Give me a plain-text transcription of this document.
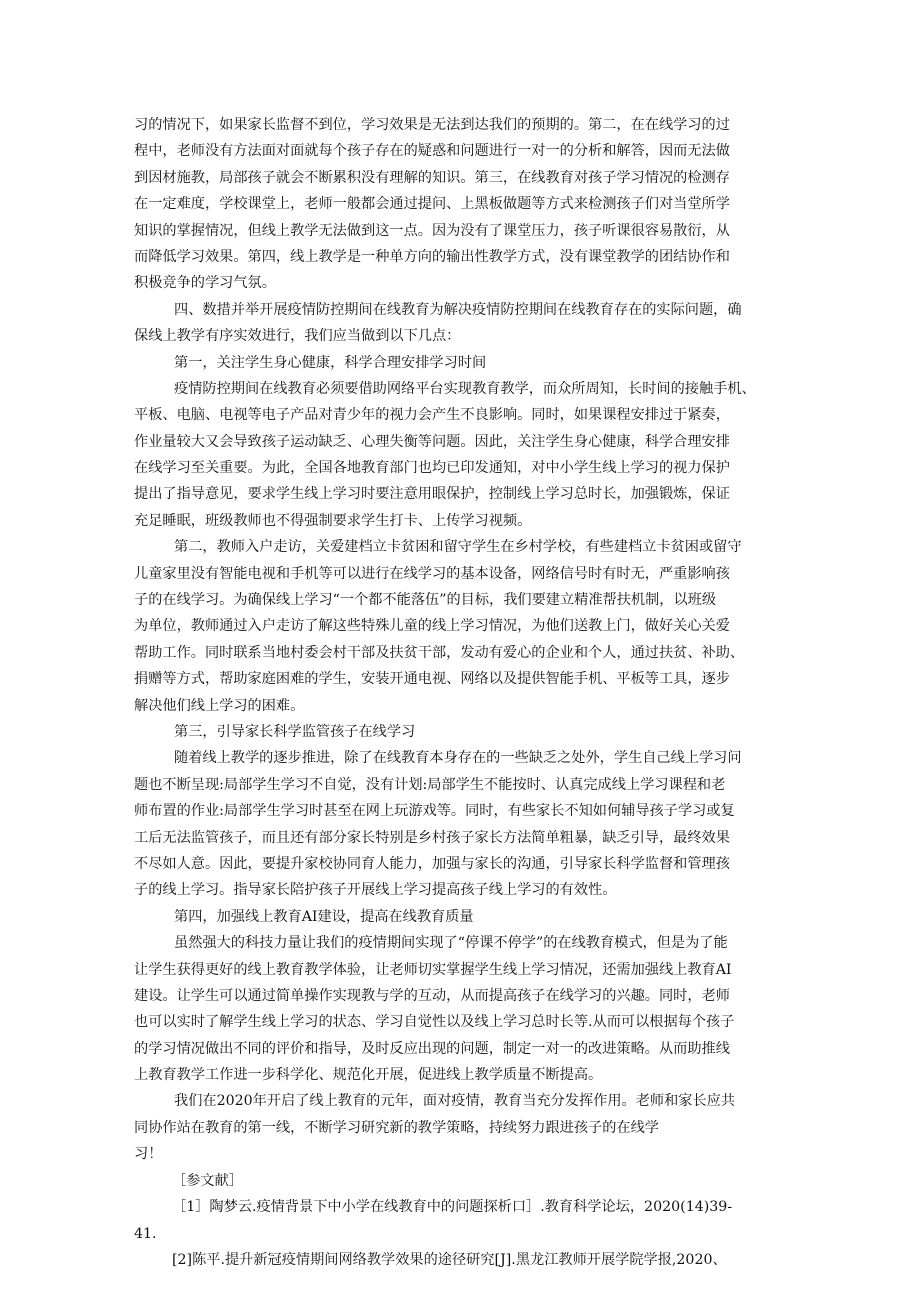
习的情况下，如果家长监督不到位，学习效果是无法到达我们的预期的。第二，在在线学习的过
程中，老师没有方法面对面就每个孩子存在的疑惑和问题进行一对一的分析和解答，因而无法做
到因材施教，局部孩子就会不断累积没有理解的知识。第三，在线教育对孩子学习情况的检测存
在一定难度，学校课堂上，老师一般都会通过提问、上黑板做题等方式来检测孩子们对当堂所学
知识的掌握情况，但线上教学无法做到这一点。因为没有了课堂压力，孩子听课很容易散衍，从
而降低学习效果。第四，线上教学是一种单方向的输出性教学方式，没有课堂教学的团结协作和
积极竞争的学习气氛。
四、数措并举开展疫情防控期间在线教育为解决疫情防控期间在线教育存在的实际问题，确
保线上教学有序实效进行，我们应当做到以下几点：
第一，关注学生身心健康，科学合理安排学习时间
疫情防控期间在线教育必须要借助网络平台实现教育教学，而众所周知，长时间的接触手机、
平板、电脑、电视等电子产品对青少年的视力会产生不良影响。同时，如果课程安排过于紧奏，
作业量较大又会导致孩子运动缺乏、心理失衡等问题。因此，关注学生身心健康，科学合理安排
在线学习至关重要。为此，全国各地教育部门也均已印发通知，对中小学生线上学习的视力保护
提出了指导意见，要求学生线上学习时要注意用眼保护，控制线上学习总时长，加强锻炼，保证
充足睡眠，班级教师也不得强制要求学生打卡、上传学习视频。
第二，教师入户走访，关爱建档立卡贫困和留守学生在乡村学校，有些建档立卡贫困或留守
儿童家里没有智能电视和手机等可以进行在线学习的基本设备，网络信号时有时无，严重影响孩
子的在线学习。为确保线上学习“一个都不能落伍”的目标，我们要建立精准帮扶机制，以班级
为单位，教师通过入户走访了解这些特殊儿童的线上学习情况，为他们送教上门，做好关心关爱
帮助工作。同时联系当地村委会村干部及扶贫干部，发动有爱心的企业和个人，通过扶贫、补助、
捐赠等方式，帮助家庭困难的学生，安装开通电视、网络以及提供智能手机、平板等工具，逐步
解决他们线上学习的困难。
第三，引导家长科学监管孩子在线学习
随着线上教学的逐步推进，除了在线教育本身存在的一些缺乏之处外，学生自己线上学习问
题也不断呈现:局部学生学习不自觉，没有计划:局部学生不能按时、认真完成线上学习课程和老
师布置的作业:局部学生学习时甚至在网上玩游戏等。同时，有些家长不知如何辅导孩子学习或复
工后无法监管孩子，而且还有部分家长特别是乡村孩子家长方法简单粗暴，缺乏引导，最终效果
不尽如人意。因此，要提升家校协同育人能力，加强与家长的沟通，引导家长科学监督和管理孩
子的线上学习。指导家长陪护孩子开展线上学习提高孩子线上学习的有效性。
第四，加强线上教育AI建设，提高在线教育质量
虽然强大的科技力量让我们的疫情期间实现了“停课不停学”的在线教育模式，但是为了能
让学生获得更好的线上教育教学体验，让老师切实掌握学生线上学习情况，还需加强线上教育AI
建设。让学生可以通过简单操作实现教与学的互动，从而提高孩子在线学习的兴趣。同时，老师
也可以实时了解学生线上学习的状态、学习自觉性以及线上学习总时长等.从而可以根据每个孩子
的学习情况做出不同的评价和指导，及时反应出现的问题，制定一对一的改进策略。从而助推线
上教育教学工作进一步科学化、规范化开展，促进线上教学质量不断提高。
我们在2020年开启了线上教育的元年，面对疫情，教育当充分发挥作用。老师和家长应共
同协作站在教育的第一线，不断学习研究新的教学策略，持续努力跟进孩子的在线学
习！
［参文献］
［1］陶梦云.疫情背景下中小学在线教育中的问题探析口］.教育科学论坛，2020(14)39-
41.
[2]陈平.提升新冠疫情期间网络教学效果的途径研究[J].黑龙江教师开展学院学报,2020、
